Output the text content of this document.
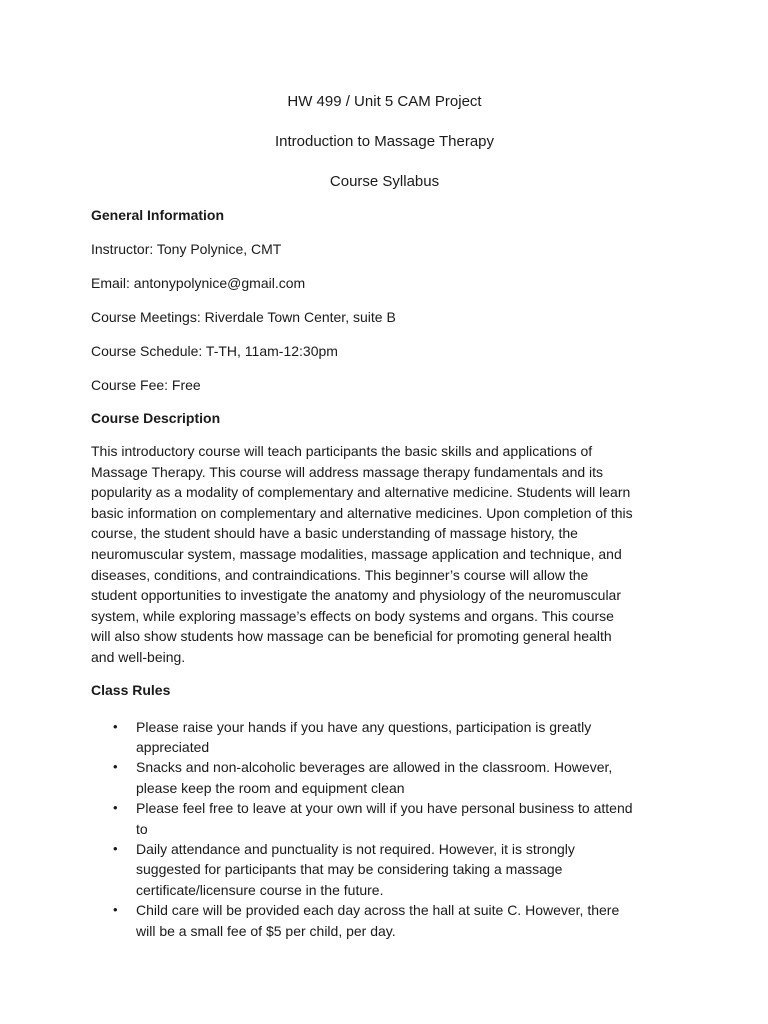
HW 499 / Unit 5 CAM Project

Introduction to Massage Therapy

Course Syllabus

General Information

Instructor: Tony Polynice, CMT

Email: antonypolynice@gmail.com

Course Meetings: Riverdale Town Center, suite B

Course Schedule: T-TH, 11am-12:30pm

Course Fee: Free

Course Description

This introductory course will teach participants the basic skills and applications of
Massage Therapy. This course will address massage therapy fundamentals and its
popularity as a modality of complementary and alternative medicine. Students will learn
basic information on complementary and alternative medicines. Upon completion of this
course, the student should have a basic understanding of massage history, the
neuromuscular system, massage modalities, massage application and technique, and
diseases, conditions, and contraindications. This beginner’s course will allow the
student opportunities to investigate the anatomy and physiology of the neuromuscular
system, while exploring massage’s effects on body systems and organs. This course
will also show students how massage can be beneficial for promoting general health
and well-being.

Class Rules

• Please raise your hands if you have any questions, participation is greatly
appreciated
• Snacks and non-alcoholic beverages are allowed in the classroom. However,
please keep the room and equipment clean
• Please feel free to leave at your own will if you have personal business to attend
to
• Daily attendance and punctuality is not required. However, it is strongly
suggested for participants that may be considering taking a massage
certificate/licensure course in the future.
• Child care will be provided each day across the hall at suite C. However, there
will be a small fee of $5 per child, per day.
